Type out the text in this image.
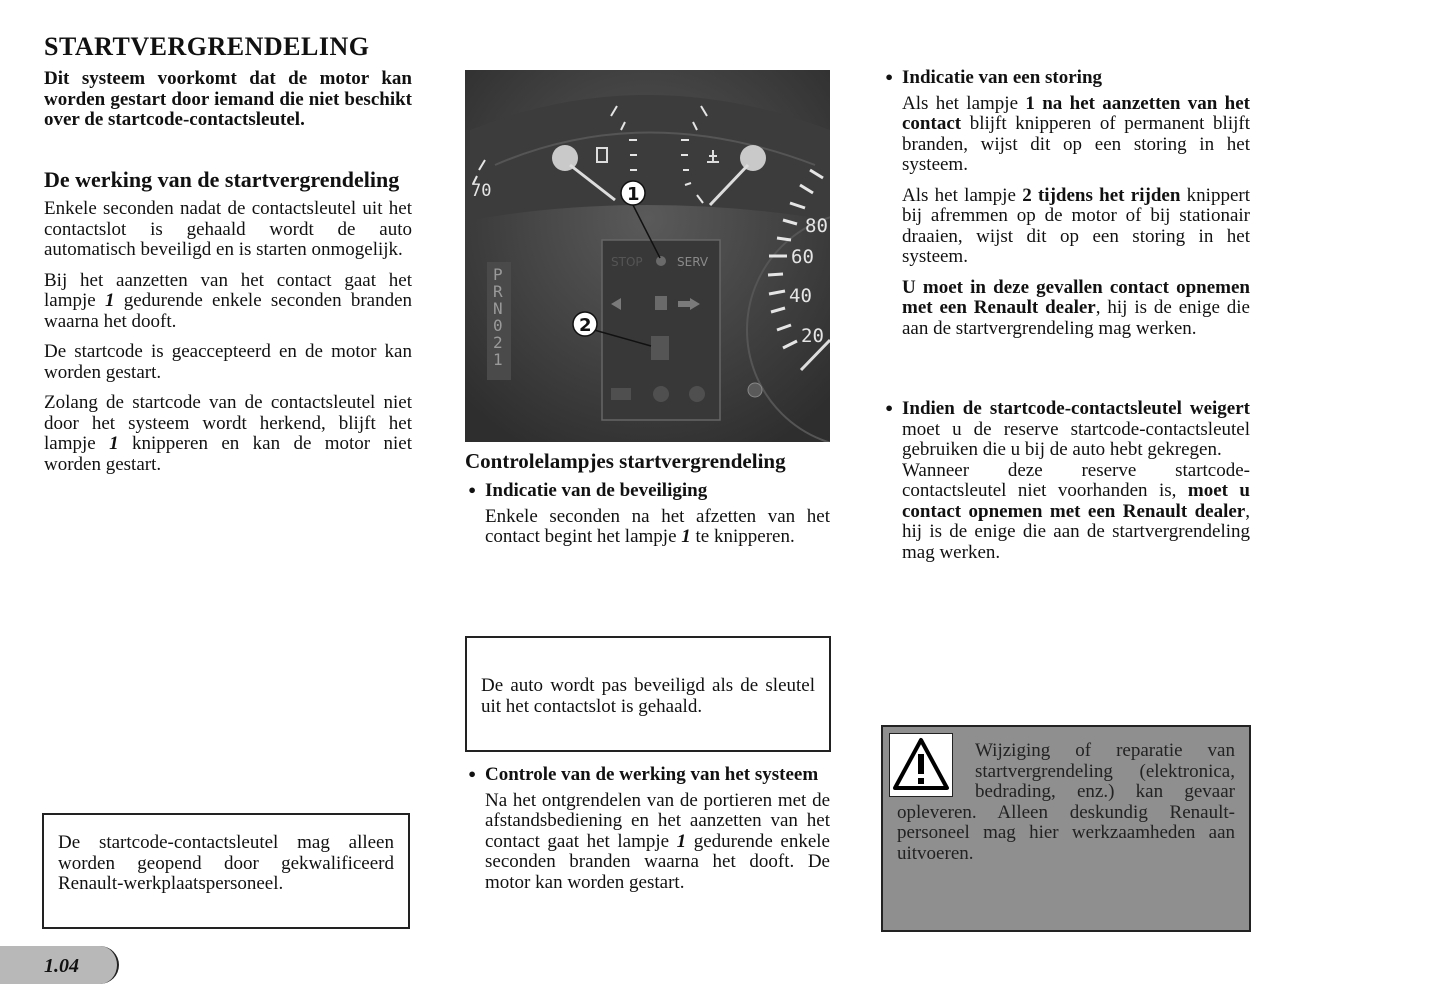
STARTVERGRENDELING
Dit systeem voorkomt dat de motor kan worden gestart door iemand die niet beschikt over de startcode-contactsleutel.
De werking van de startvergrendeling

Enkele seconden nadat de contactsleutel uit het contactslot is gehaald wordt de auto automatisch beveiligd en is starten onmogelijk.

Bij het aanzetten van het contact gaat het lampje 1 gedurende enkele seconden branden waarna het dooft.

De startcode is geaccepteerd en de motor kan worden gestart.

Zolang de startcode van de contactsleutel niet door het systeem wordt herkend, blijft het lampje 1 knipperen en kan de motor niet worden gestart.

De startcode-contactsleutel mag alleen worden geopend door gekwalificeerd Renault-werkplaatspersoneel.

70
80
60
40
20
P
R
N
0
2
1
STOP	SERV
1
2
Controlelampjes startvergrendeling
• Indicatie van de beveiliging

Enkele seconden na het afzetten van het contact begint het lampje 1 te knipperen.

De auto wordt pas beveiligd als de sleutel uit het contactslot is gehaald.

• Controle van de werking van het systeem

Na het ontgrendelen van de portieren met de afstandsbediening en het aanzetten van het contact gaat het lampje 1 gedurende enkele seconden branden waarna het dooft. De motor kan worden gestart.

• Indicatie van een storing

Als het lampje 1 na het aanzetten van het contact blijft knipperen of permanent blijft branden, wijst dit op een storing in het systeem.

Als het lampje 2 tijdens het rijden knippert bij afremmen op de motor of bij stationair draaien, wijst dit op een storing in het systeem.

U moet in deze gevallen contact opnemen met een Renault dealer, hij is de enige die aan de startvergrendeling mag werken.

• Indien de startcode-contactsleutel weigert moet u de reserve startcode-contactsleutel gebruiken die u bij de auto hebt gekregen.

Wanneer deze reserve startcode-contactsleutel niet voorhanden is, moet u contact opnemen met een Renault dealer, hij is de enige die aan de startvergrendeling mag werken.

Wijziging of reparatie van startvergrendeling (elektronica, bedrading, enz.) kan gevaar opleveren. Alleen deskundig Renault-personeel mag hier werkzaamheden aan uitvoeren.

1.04
